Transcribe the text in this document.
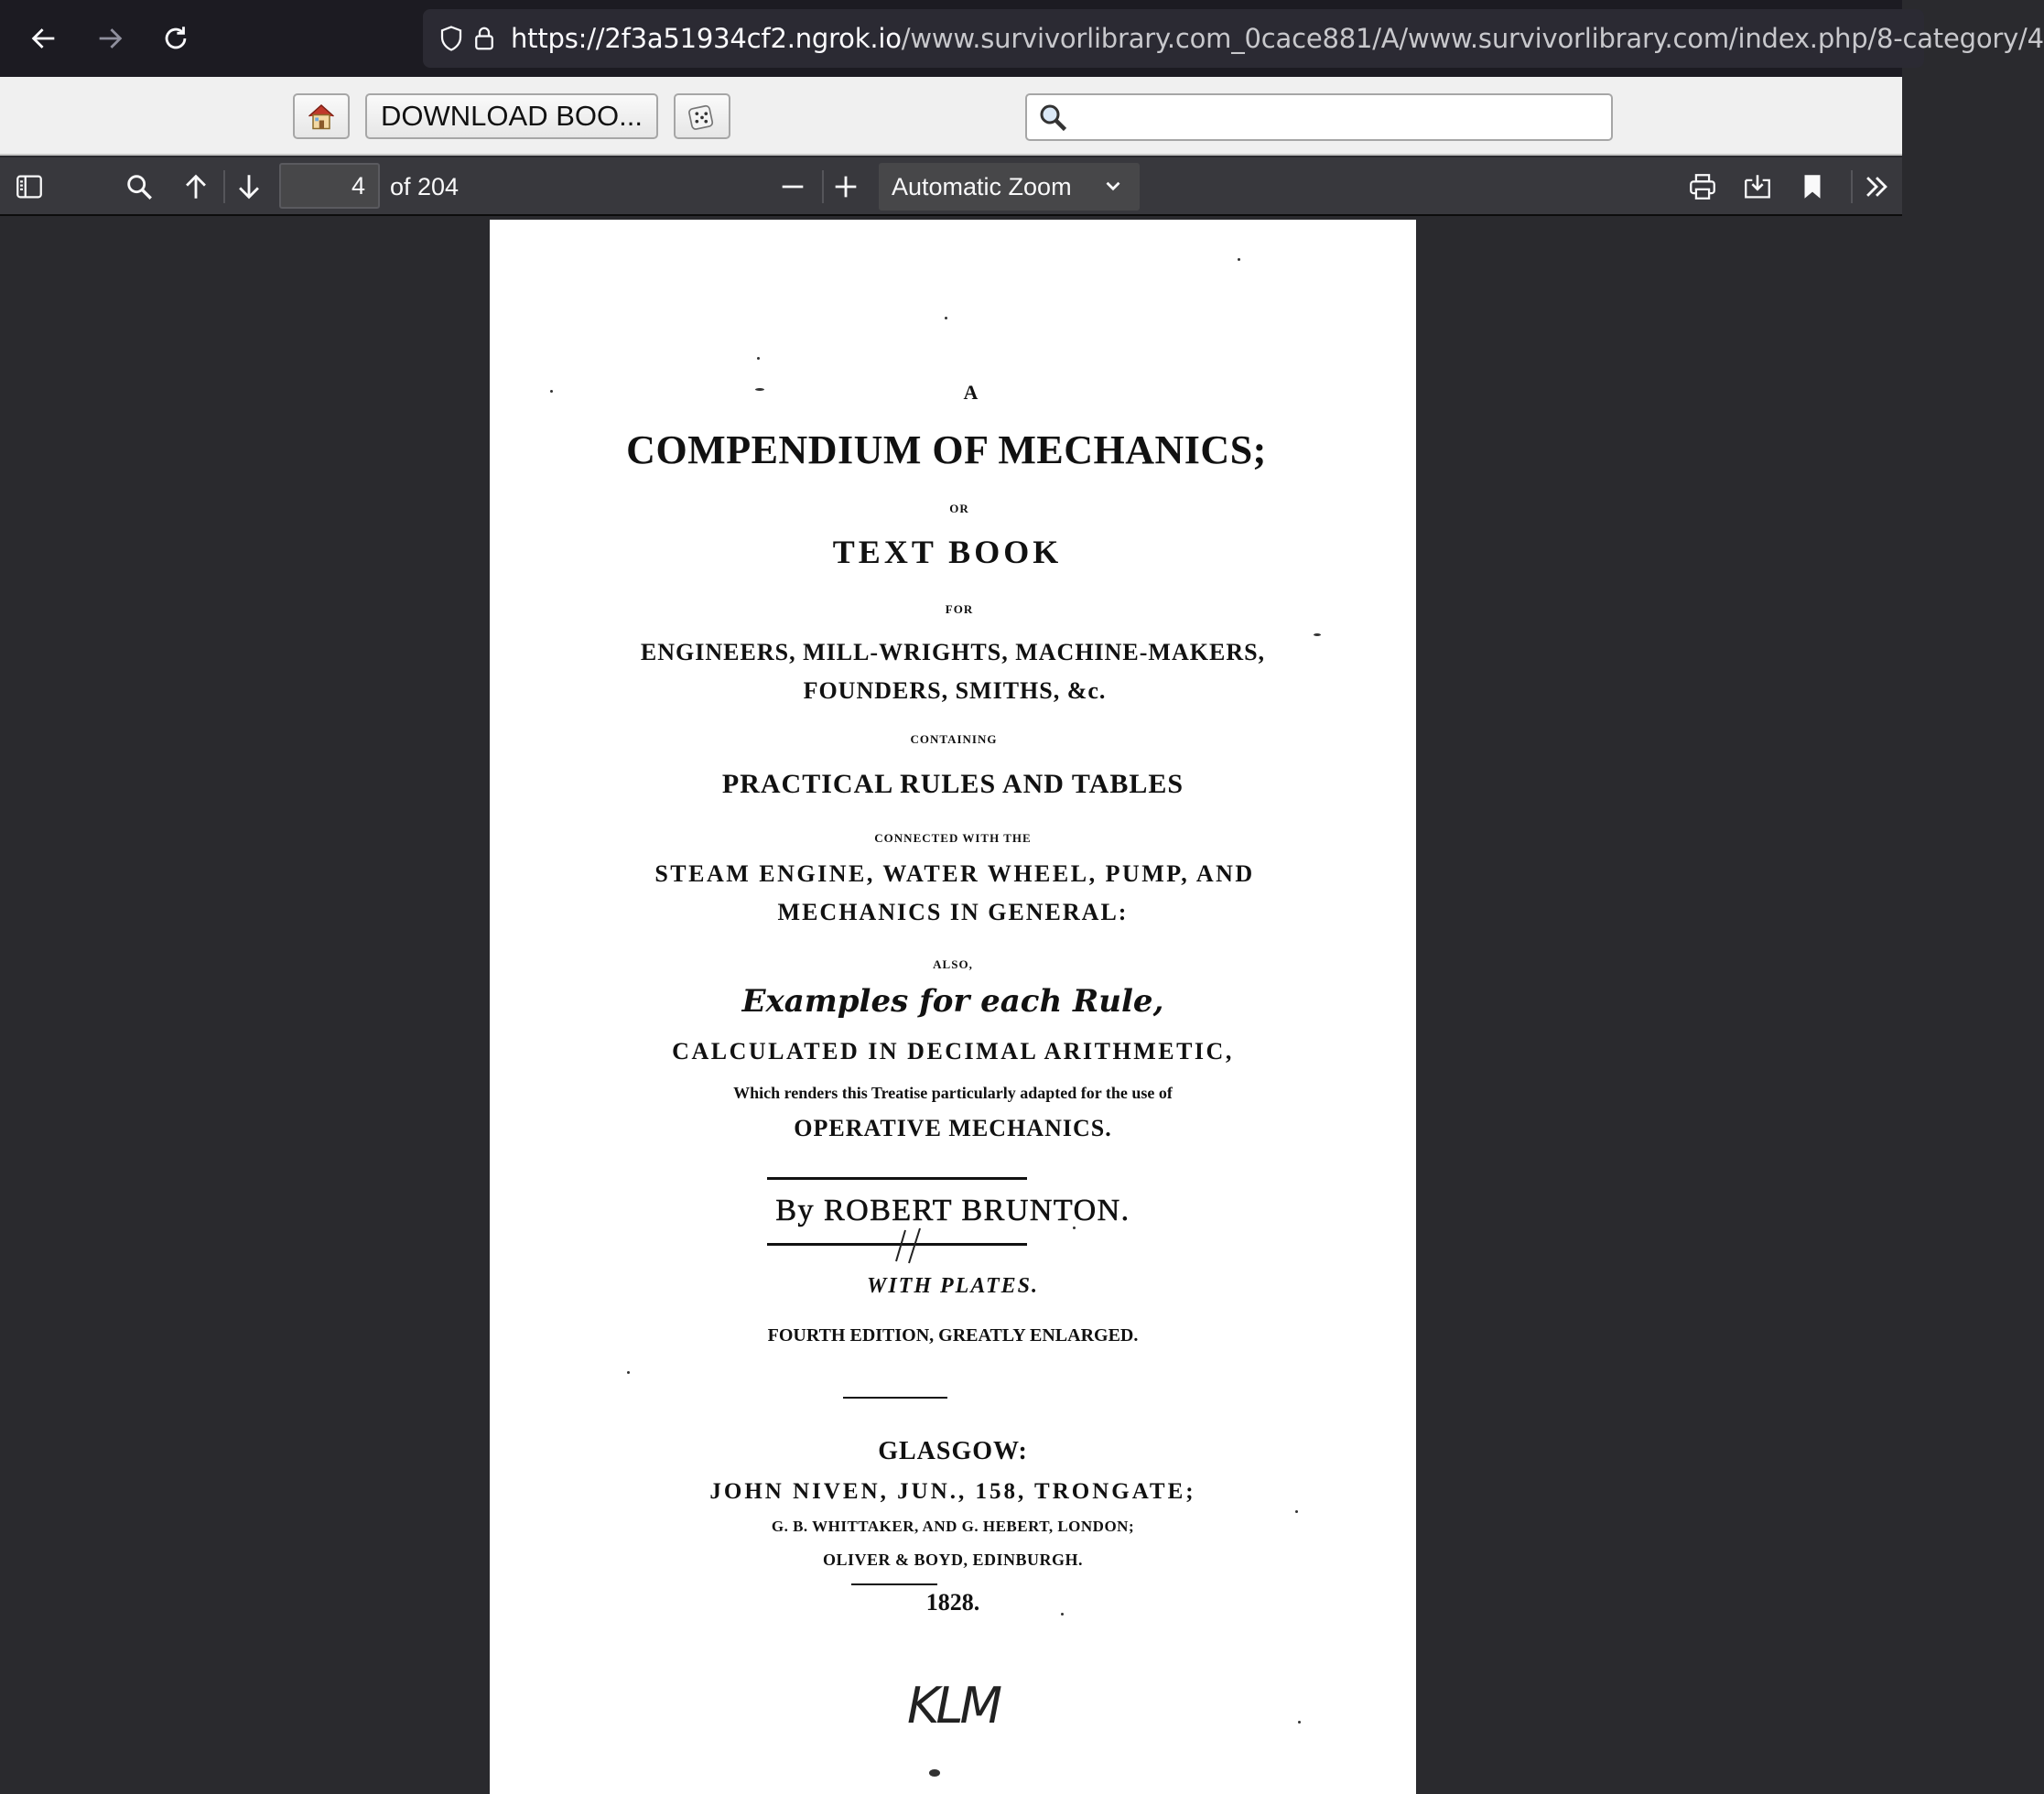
https://2f3a51934cf2.ngrok.io/www.survivorlibrary.com_0cace881/A/www.survivorlibrary.com/index.php/8-category/4
DOWNLOAD BOO...
4
of 204	Automatic Zoom
A
COMPENDIUM OF MECHANICS;
OR
TEXT BOOK
FOR
ENGINEERS, MILL-WRIGHTS, MACHINE-MAKERS,
FOUNDERS, SMITHS, &c.
CONTAINING
PRACTICAL RULES AND TABLES
CONNECTED WITH THE
STEAM ENGINE, WATER WHEEL, PUMP, AND
MECHANICS IN GENERAL:
ALSO,
Examples for each Rule,
CALCULATED IN DECIMAL ARITHMETIC,
Which renders this Treatise particularly adapted for the use of
OPERATIVE MECHANICS.
By ROBERT BRUNTON.
WITH PLATES.
FOURTH EDITION, GREATLY ENLARGED.
GLASGOW:
JOHN NIVEN, JUN., 158, TRONGATE;
G. B. WHITTAKER, AND G. HEBERT, LONDON;
OLIVER & BOYD, EDINBURGH.
1828.
KLM
